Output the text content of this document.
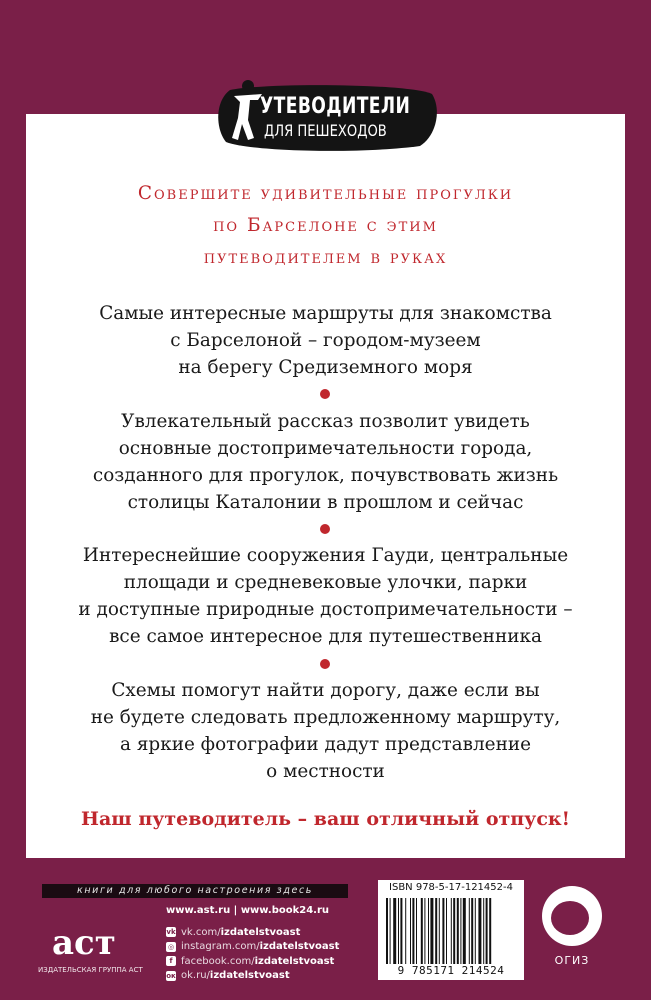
УТЕВОДИТЕЛИ
ДЛЯ ПЕШЕХОДОВ
Совершите удивительные прогулки
по Барселоне с этим
путеводителем в руках
Самые интересные маршруты для знакомства
с Барселоной – городом-музеем
на берегу Средиземного моря
Увлекательный рассказ позволит увидеть
основные достопримечательности города,
созданного для прогулок, почувствовать жизнь
столицы Каталонии в прошлом и сейчас
Интереснейшие сооружения Гауди, центральные
площади и средневековые улочки, парки
и доступные природные достопримечательности –
все самое интересное для путешественника
Схемы помогут найти дорогу, даже если вы
не будете следовать предложенному маршруту,
а яркие фотографии дадут представление
о местности
Наш путеводитель – ваш отличный отпуск!
книги для любого настроения здесь
аст
ИЗДАТЕЛЬСКАЯ ГРУППА АСТ
www.ast.ru | www.book24.ru
vk vk.com/ izdatelstvoast
◎ instagram.com/ izdatelstvoast
f facebook.com/ izdatelstvoast
ок ok.ru/ izdatelstvoast
ISBN 978-5-17-121452-4
9 785171 214524
ОГИЗ
